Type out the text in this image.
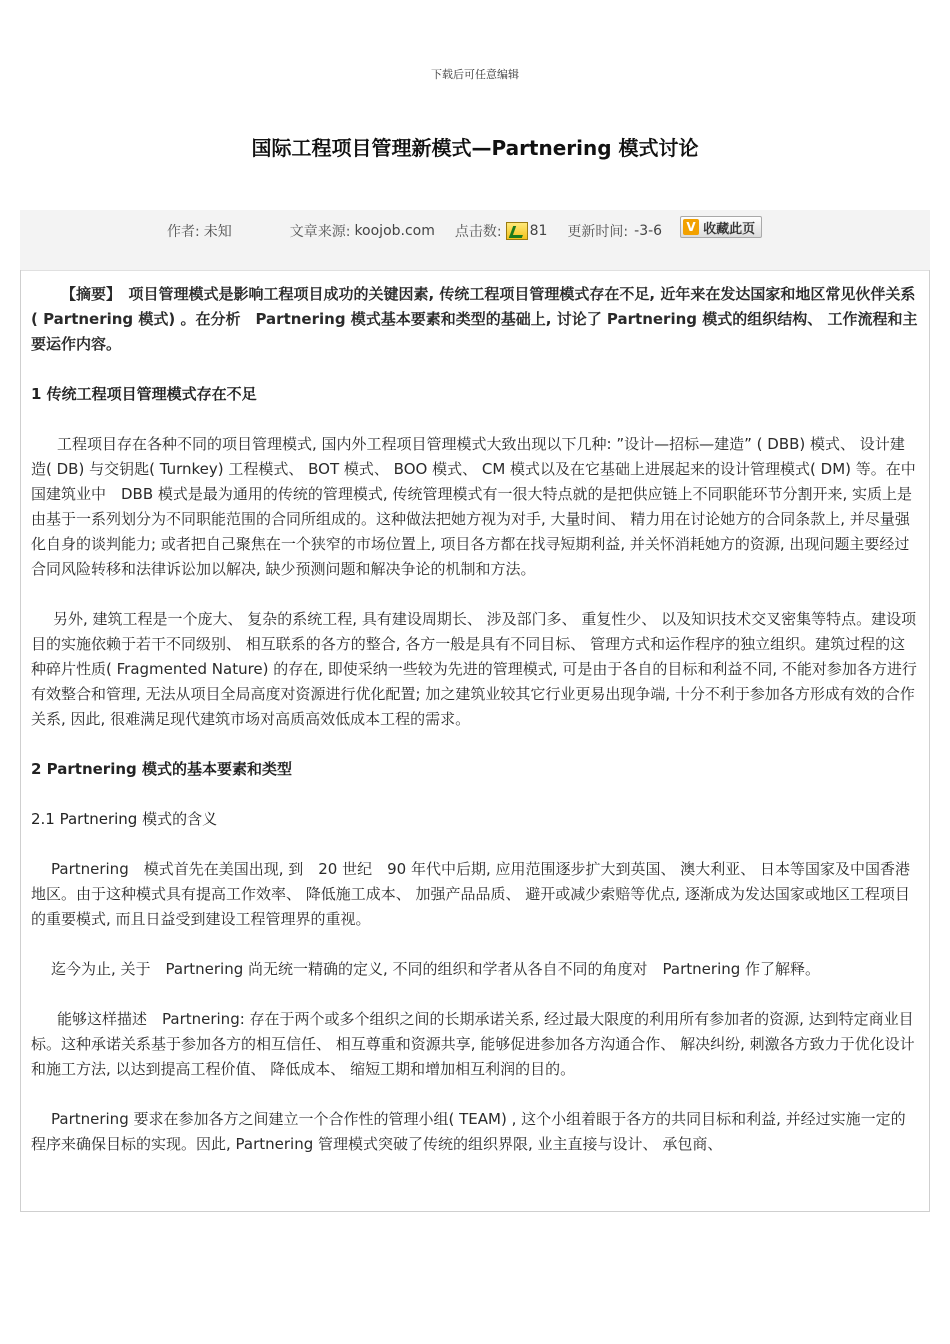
下载后可任意编辑
国际工程项目管理新模式—Partnering 模式讨论
作者: 未知	文章来源: koojob.com 点击数: 81 更新时间: -3-6 V 收藏此页

【摘要】　项目管理模式是影响工程项目成功的关键因素, 传统工程项目管理模式存在不足, 近年来在发达国家和地区常见伙伴关系( Partnering 模式) 。在分析　Partnering 模式基本要素和类型的基础上, 讨论了 Partnering 模式的组织结构、 工作流程和主要运作内容。

1 传统工程项目管理模式存在不足

工程项目存在各种不同的项目管理模式, 国内外工程项目管理模式大致出现以下几种: ”设计—招标—建造” ( DBB) 模式、 设计建造( DB) 与交钥匙( Turnkey) 工程模式、 BOT 模式、 BOO 模式、 CM 模式以及在它基础上进展起来的设计管理模式( DM) 等。在中国建筑业中　DBB 模式是最为通用的传统的管理模式, 传统管理模式有一很大特点就的是把供应链上不同职能环节分割开来, 实质上是由基于一系列划分为不同职能范围的合同所组成的。这种做法把她方视为对手, 大量时间、 精力用在讨论她方的合同条款上, 并尽量强化自身的谈判能力; 或者把自己聚焦在一个狭窄的市场位置上, 项目各方都在找寻短期利益, 并关怀消耗她方的资源, 出现问题主要经过合同风险转移和法律诉讼加以解决, 缺少预测问题和解决争论的机制和方法。

另外, 建筑工程是一个庞大、 复杂的系统工程, 具有建设周期长、 涉及部门多、 重复性少、 以及知识技术交叉密集等特点。建设项目的实施依赖于若干不同级别、 相互联系的各方的整合, 各方一般是具有不同目标、 管理方式和运作程序的独立组织。建筑过程的这种碎片性质( Fragmented Nature) 的存在, 即使采纳一些较为先进的管理模式, 可是由于各自的目标和利益不同, 不能对参加各方进行有效整合和管理, 无法从项目全局高度对资源进行优化配置; 加之建筑业较其它行业更易出现争端, 十分不利于参加各方形成有效的合作关系, 因此, 很难满足现代建筑市场对高质高效低成本工程的需求。

2 Partnering 模式的基本要素和类型

2.1 Partnering 模式的含义

Partnering　模式首先在美国出现, 到　20 世纪　90 年代中后期, 应用范围逐步扩大到英国、 澳大利亚、 日本等国家及中国香港地区。由于这种模式具有提高工作效率、 降低施工成本、 加强产品品质、 避开或减少索赔等优点, 逐渐成为发达国家或地区工程项目的重要模式, 而且日益受到建设工程管理界的重视。

迄今为止, 关于　Partnering 尚无统一精确的定义, 不同的组织和学者从各自不同的角度对　Partnering 作了解释。

能够这样描述　Partnering: 存在于两个或多个组织之间的长期承诺关系, 经过最大限度的利用所有参加者的资源, 达到特定商业目标。这种承诺关系基于参加各方的相互信任、 相互尊重和资源共享, 能够促进参加各方沟通合作、 解决纠纷, 刺激各方致力于优化设计和施工方法, 以达到提高工程价值、 降低成本、 缩短工期和增加相互利润的目的。

Partnering 要求在参加各方之间建立一个合作性的管理小组( TEAM) , 这个小组着眼于各方的共同目标和利益, 并经过实施一定的程序来确保目标的实现。因此, Partnering 管理模式突破了传统的组织界限, 业主直接与设计、 承包商、
